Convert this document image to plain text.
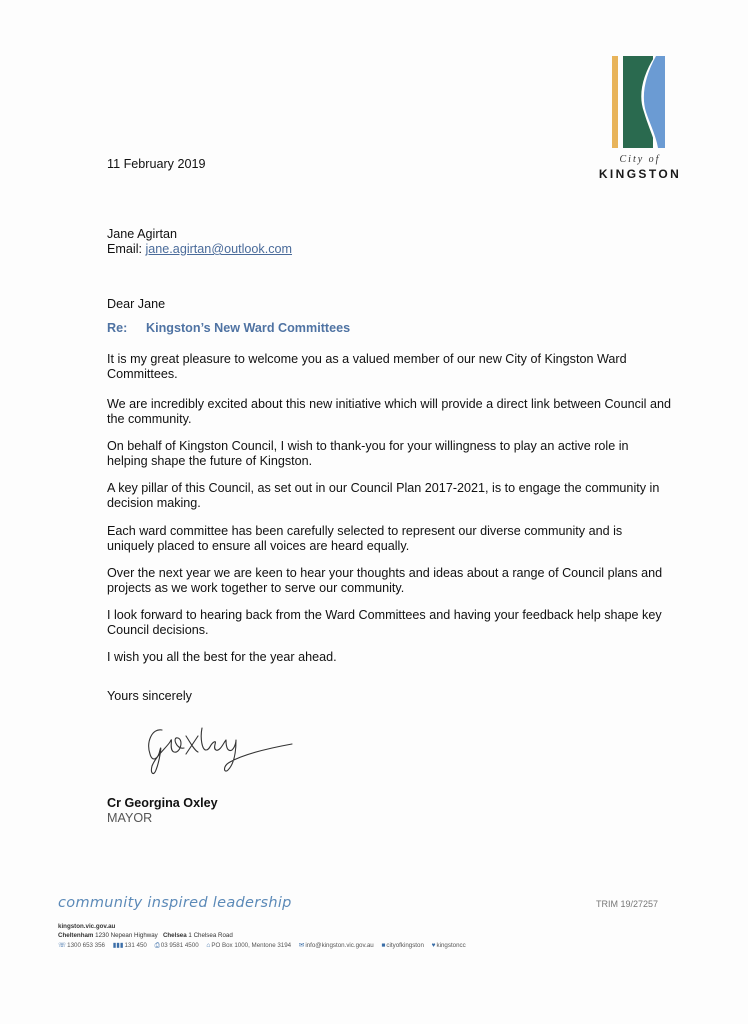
City of
KINGSTON
11 February 2019
Jane Agirtan
Email: jane.agirtan@outlook.com
Dear Jane
Re: Kingston’s New Ward Committees
It is my great pleasure to welcome you as a valued member of our new City of Kingston Ward Committees.
We are incredibly excited about this new initiative which will provide a direct link between Council and the community.
On behalf of Kingston Council, I wish to thank-you for your willingness to play an active role in helping shape the future of Kingston.
A key pillar of this Council, as set out in our Council Plan 2017-2021, is to engage the community in decision making.
Each ward committee has been carefully selected to represent our diverse community and is uniquely placed to ensure all voices are heard equally.
Over the next year we are keen to hear your thoughts and ideas about a range of Council plans and projects as we work together to serve our community.
I look forward to hearing back from the Ward Committees and having your feedback help shape key Council decisions.
I wish you all the best for the year ahead.
Yours sincerely
Cr Georgina Oxley
MAYOR
community inspired leadership	TRIM 19/27257
kingston.vic.gov.au
Cheltenham 1230 Nepean Highway Chelsea 1 Chelsea Road
☏1300 653 356 ▮▮▮131 450 ⎙03 9581 4500 ⌂PO Box 1000, Mentone 3194 ✉info@kingston.vic.gov.au ■cityofkingston ♥kingstoncc
